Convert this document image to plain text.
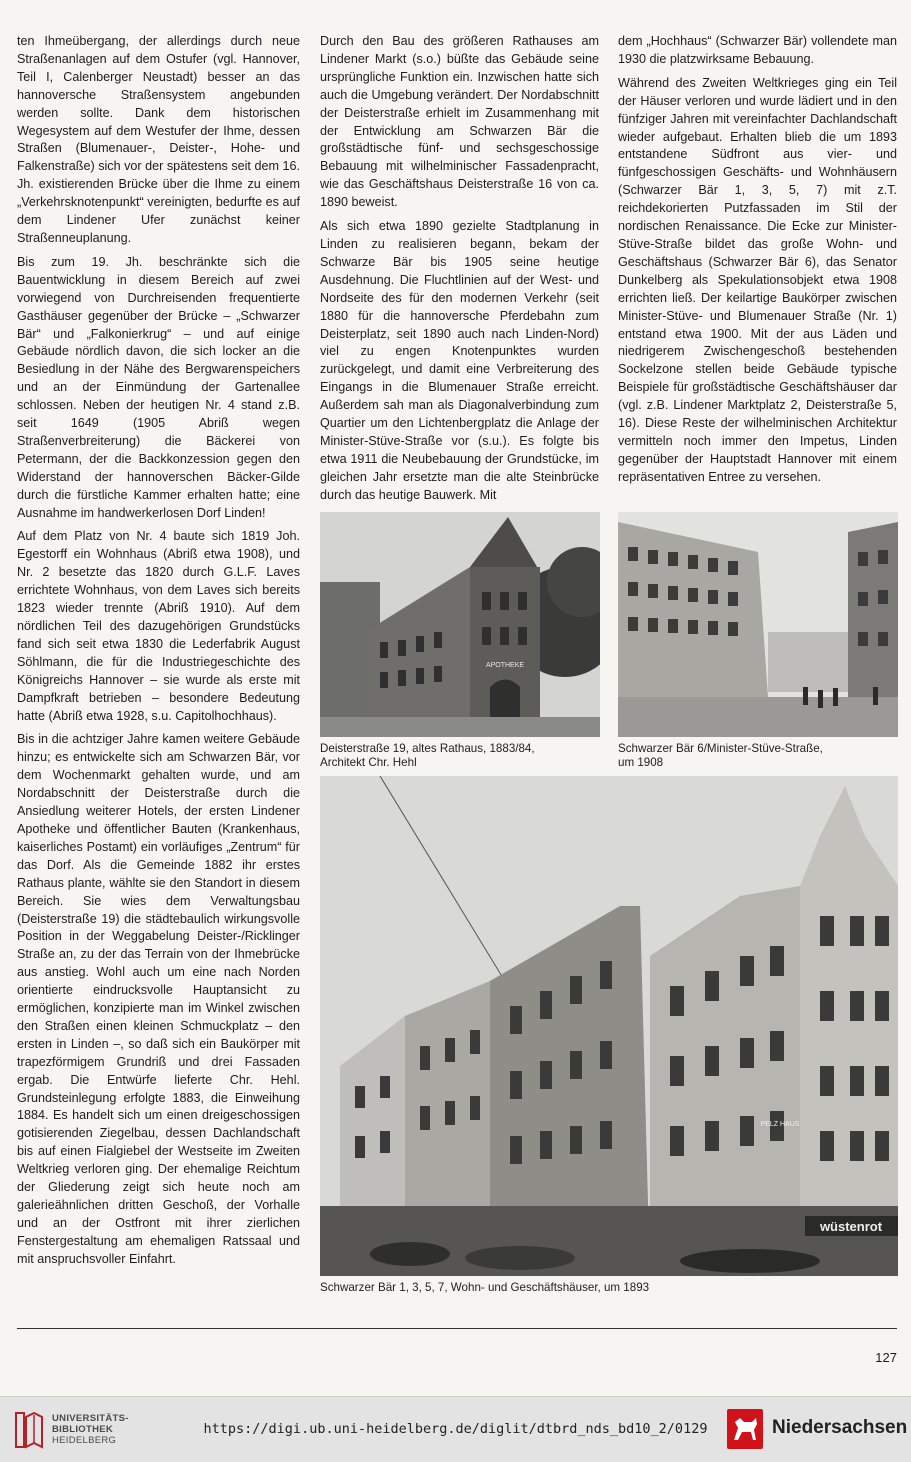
ten Ihmeübergang, der allerdings durch neue Straßenanlagen auf dem Ostufer (vgl. Hannover, Teil I, Calenberger Neustadt) besser an das hannoversche Straßensystem angebunden werden sollte. Dank dem historischen Wegesystem auf dem Westufer der Ihme, dessen Straßen (Blumenauer-, Deister-, Hohe- und Falkenstraße) sich vor der spätestens seit dem 16. Jh. existierenden Brücke über die Ihme zu einem „Verkehrsknotenpunkt“ vereinigten, bedurfte es auf dem Lindener Ufer zunächst keiner Straßenneuplanung.

Bis zum 19. Jh. beschränkte sich die Bauentwicklung in diesem Bereich auf zwei vorwiegend von Durchreisenden frequentierte Gasthäuser gegenüber der Brücke – „Schwarzer Bär“ und „Falkonierkrug“ – und auf einige Gebäude nördlich davon, die sich locker an die Besiedlung in der Nähe des Bergwarenspeichers und an der Einmündung der Gartenallee schlossen. Neben der heutigen Nr. 4 stand z.B. seit 1649 (1905 Abriß wegen Straßenverbreiterung) die Bäckerei von Petermann, der die Backkonzession gegen den Widerstand der hannoverschen Bäcker-Gilde durch die fürstliche Kammer erhalten hatte; eine Ausnahme im handwerkerlosen Dorf Linden!

Auf dem Platz von Nr. 4 baute sich 1819 Joh. Egestorff ein Wohnhaus (Abriß etwa 1908), und Nr. 2 besetzte das 1820 durch G.L.F. Laves errichtete Wohnhaus, von dem Laves sich bereits 1823 wieder trennte (Abriß 1910). Auf dem nördlichen Teil des dazugehörigen Grundstücks fand sich seit etwa 1830 die Lederfabrik August Söhlmann, die für die Industriegeschichte des Königreichs Hannover – sie wurde als erste mit Dampfkraft betrieben – besondere Bedeutung hatte (Abriß etwa 1928, s.u. Capitolhochhaus).

Bis in die achtziger Jahre kamen weitere Gebäude hinzu; es entwickelte sich am Schwarzen Bär, vor dem Wochenmarkt gehalten wurde, und am Nordabschnitt der Deisterstraße durch die Ansiedlung weiterer Hotels, der ersten Lindener Apotheke und öffentlicher Bauten (Krankenhaus, kaiserliches Postamt) ein vorläufiges „Zentrum“ für das Dorf. Als die Gemeinde 1882 ihr erstes Rathaus plante, wählte sie den Standort in diesem Bereich. Sie wies dem Verwaltungsbau (Deisterstraße 19) die städtebaulich wirkungsvolle Position in der Weggabelung Deister-/Ricklinger Straße an, zu der das Terrain von der Ihmebrücke aus anstieg. Wohl auch um eine nach Norden orientierte eindrucksvolle Hauptansicht zu ermöglichen, konzipierte man im Winkel zwischen den Straßen einen kleinen Schmuckplatz – den ersten in Linden –, so daß sich ein Baukörper mit trapezförmigem Grundriß und drei Fassaden ergab. Die Entwürfe lieferte Chr. Hehl. Grundsteinlegung erfolgte 1883, die Einweihung 1884. Es handelt sich um einen dreigeschossigen gotisierenden Ziegelbau, dessen Dachlandschaft bis auf einen Fialgiebel der Westseite im Zweiten Weltkrieg verloren ging. Der ehemalige Reichtum der Gliederung zeigt sich heute noch am galerieähnlichen dritten Geschoß, der Vorhalle und an der Ostfront mit ihrer zierlichen Fenstergestaltung am ehemaligen Ratssaal und mit anspruchsvoller Einfahrt.

Durch den Bau des größeren Rathauses am Lindener Markt (s.o.) büßte das Gebäude seine ursprüngliche Funktion ein. Inzwischen hatte sich auch die Umgebung verändert. Der Nordabschnitt der Deisterstraße erhielt im Zusammenhang mit der Entwicklung am Schwarzen Bär die großstädtische fünf- und sechsgeschossige Bebauung mit wilhelminischer Fassadenpracht, wie das Geschäftshaus Deisterstraße 16 von ca. 1890 beweist.

Als sich etwa 1890 gezielte Stadtplanung in Linden zu realisieren begann, bekam der Schwarze Bär bis 1905 seine heutige Ausdehnung. Die Fluchtlinien auf der West- und Nordseite des für den modernen Verkehr (seit 1880 für die hannoversche Pferdebahn zum Deisterplatz, seit 1890 auch nach Linden-Nord) viel zu engen Knotenpunktes wurden zurückgelegt, und damit eine Verbreiterung des Eingangs in die Blumenauer Straße erreicht. Außerdem sah man als Diagonalverbindung zum Quartier um den Lichtenbergplatz die Anlage der Minister-Stüve-Straße vor (s.u.). Es folgte bis etwa 1911 die Neubebauung der Grundstücke, im gleichen Jahr ersetzte man die alte Steinbrücke durch das heutige Bauwerk. Mit

dem „Hochhaus“ (Schwarzer Bär) vollendete man 1930 die platzwirksame Bebauung.

Während des Zweiten Weltkrieges ging ein Teil der Häuser verloren und wurde lädiert und in den fünfziger Jahren mit vereinfachter Dachlandschaft wieder aufgebaut. Erhalten blieb die um 1893 entstandene Südfront aus vier- und fünfgeschossigen Geschäfts- und Wohnhäusern (Schwarzer Bär 1, 3, 5, 7) mit z.T. reichdekorierten Putzfassaden im Stil der nordischen Renaissance. Die Ecke zur Minister-Stüve-Straße bildet das große Wohn- und Geschäftshaus (Schwarzer Bär 6), das Senator Dunkelberg als Spekulationsobjekt etwa 1908 errichten ließ. Der keilartige Baukörper zwischen Minister-Stüve- und Blumenauer Straße (Nr. 1) entstand etwa 1900. Mit der aus Läden und niedrigerem Zwischengeschoß bestehenden Sockelzone stellen beide Gebäude typische Beispiele für großstädtische Geschäftshäuser dar (vgl. z.B. Lindener Marktplatz 2, Deisterstraße 5, 16). Diese Reste der wilhelminischen Architektur vermitteln noch immer den Impetus, Linden gegenüber der Hauptstadt Hannover mit einem repräsentativen Entree zu versehen.

APOTHEKE
Deisterstraße 19, altes Rathaus, 1883/84,
Architekt Chr. Hehl
Schwarzer Bär 6/Minister-Stüve-Straße,
um 1908
wüstenrot
PELZ HAUS
Schwarzer Bär 1, 3, 5, 7, Wohn- und Geschäftshäuser, um 1893
127
UNIVERSITÄTS-
BIBLIOTHEK
HEIDELBERG
https://digi.ub.uni-heidelberg.de/diglit/dtbrd_nds_bd10_2/0129	Niedersachsen
